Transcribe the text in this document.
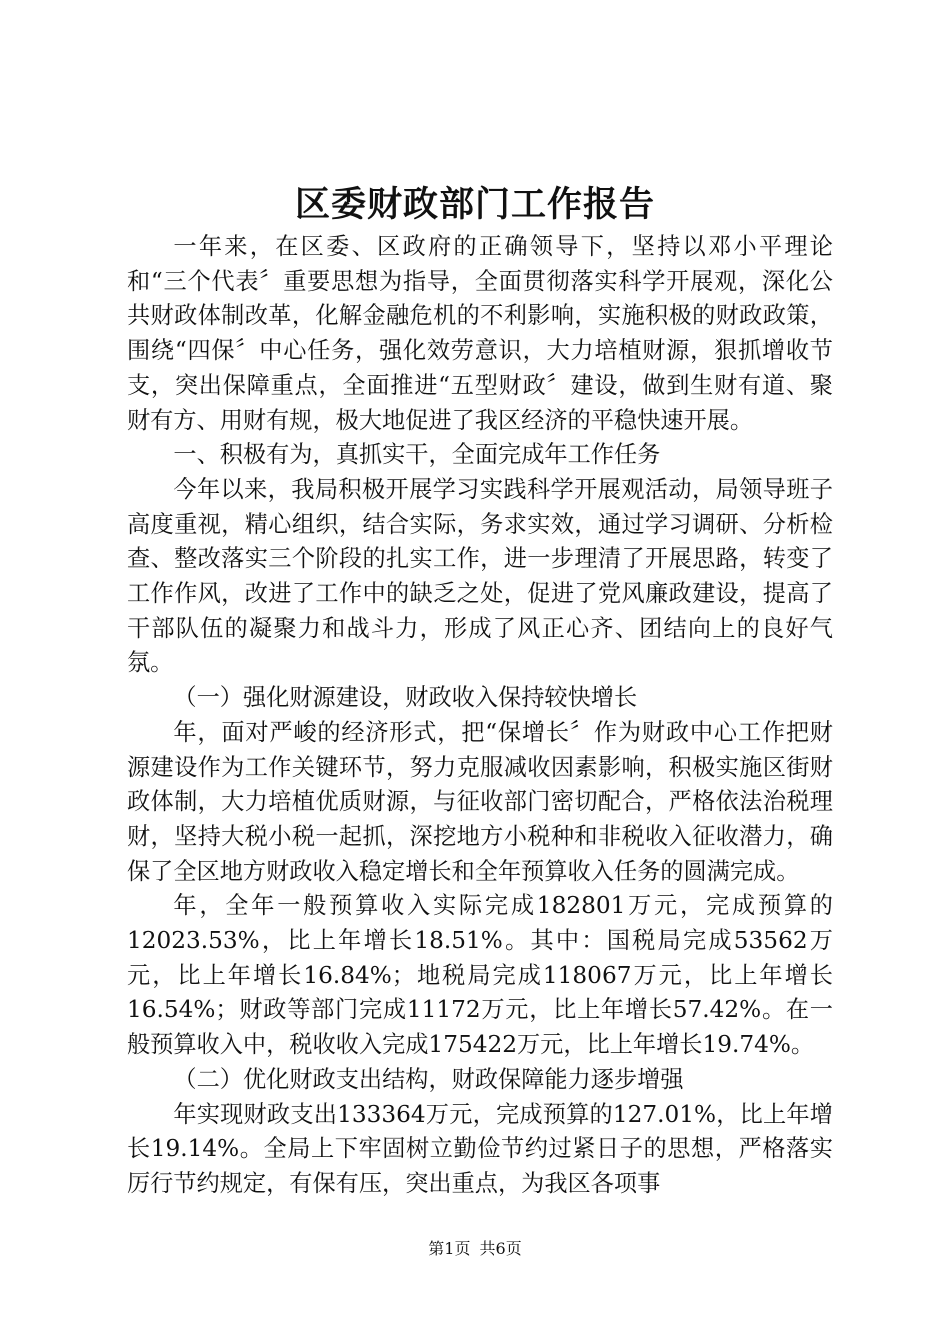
区委财政部门工作报告

一年来，在区委、区政府的正确领导下，坚持以邓小平理论和“三个代表〞重要思想为指导，全面贯彻落实科学开展观，深化公共财政体制改革，化解金融危机的不利影响，实施积极的财政政策，围绕“四保〞中心任务，强化效劳意识，大力培植财源，狠抓增收节支，突出保障重点，全面推进“五型财政〞建设，做到生财有道、聚财有方、用财有规，极大地促进了我区经济的平稳快速开展。

一、积极有为，真抓实干，全面完成年工作任务

今年以来，我局积极开展学习实践科学开展观活动，局领导班子高度重视，精心组织，结合实际，务求实效，通过学习调研、分析检查、整改落实三个阶段的扎实工作，进一步理清了开展思路，转变了工作作风，改进了工作中的缺乏之处，促进了党风廉政建设，提高了干部队伍的凝聚力和战斗力，形成了风正心齐、团结向上的良好气氛。

（一）强化财源建设，财政收入保持较快增长

年，面对严峻的经济形式，把“保增长〞作为财政中心工作把财源建设作为工作关键环节，努力克服减收因素影响，积极实施区街财政体制，大力培植优质财源，与征收部门密切配合，严格依法治税理财，坚持大税小税一起抓，深挖地方小税种和非税收入征收潜力，确保了全区地方财政收入稳定增长和全年预算收入任务的圆满完成。

年，全年一般预算收入实际完成182801万元，完成预算的12023.53%，比上年增长18.51%。其中：国税局完成53562万元，比上年增长16.84%；地税局完成118067万元，比上年增长16.54%；财政等部门完成11172万元，比上年增长57.42%。在一般预算收入中，税收收入完成175422万元，比上年增长19.74%。

（二）优化财政支出结构，财政保障能力逐步增强

年实现财政支出133364万元，完成预算的127.01%，比上年增长19.14%。全局上下牢固树立勤俭节约过紧日子的思想，严格落实厉行节约规定，有保有压，突出重点，为我区各项事

第1页 共6页
